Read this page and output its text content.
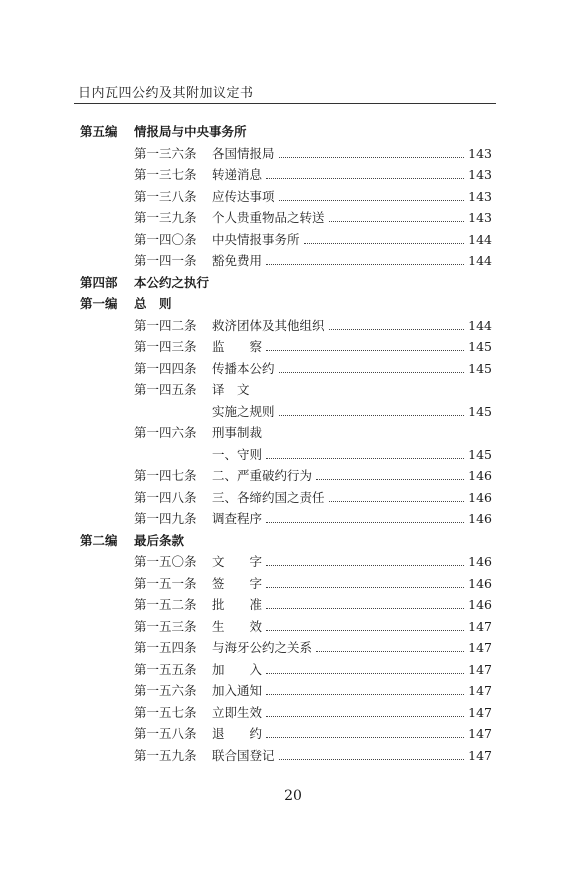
日内瓦四公约及其附加议定书
第五编 情报局与中央事务所
第一三六条 各国情报局	143
第一三七条 转递消息	143
第一三八条 应传达事项	143
第一三九条 个人贵重物品之转送	143
第一四〇条 中央情报事务所	144
第一四一条 豁免费用	144
第四部 本公约之执行
第一编 总　则
第一四二条 救济团体及其他组织	144
第一四三条 监　　察	145
第一四四条 传播本公约	145
第一四五条 译　文
实施之规则	145
第一四六条 刑事制裁
一、守则	145
第一四七条 二、严重破约行为	146
第一四八条 三、各缔约国之责任	146
第一四九条 调查程序	146
第二编 最后条款
第一五〇条 文　　字	146
第一五一条 签　　字	146
第一五二条 批　　准	146
第一五三条 生　　效	147
第一五四条 与海牙公约之关系	147
第一五五条 加　　入	147
第一五六条 加入通知	147
第一五七条 立即生效	147
第一五八条 退　　约	147
第一五九条 联合国登记	147
20
